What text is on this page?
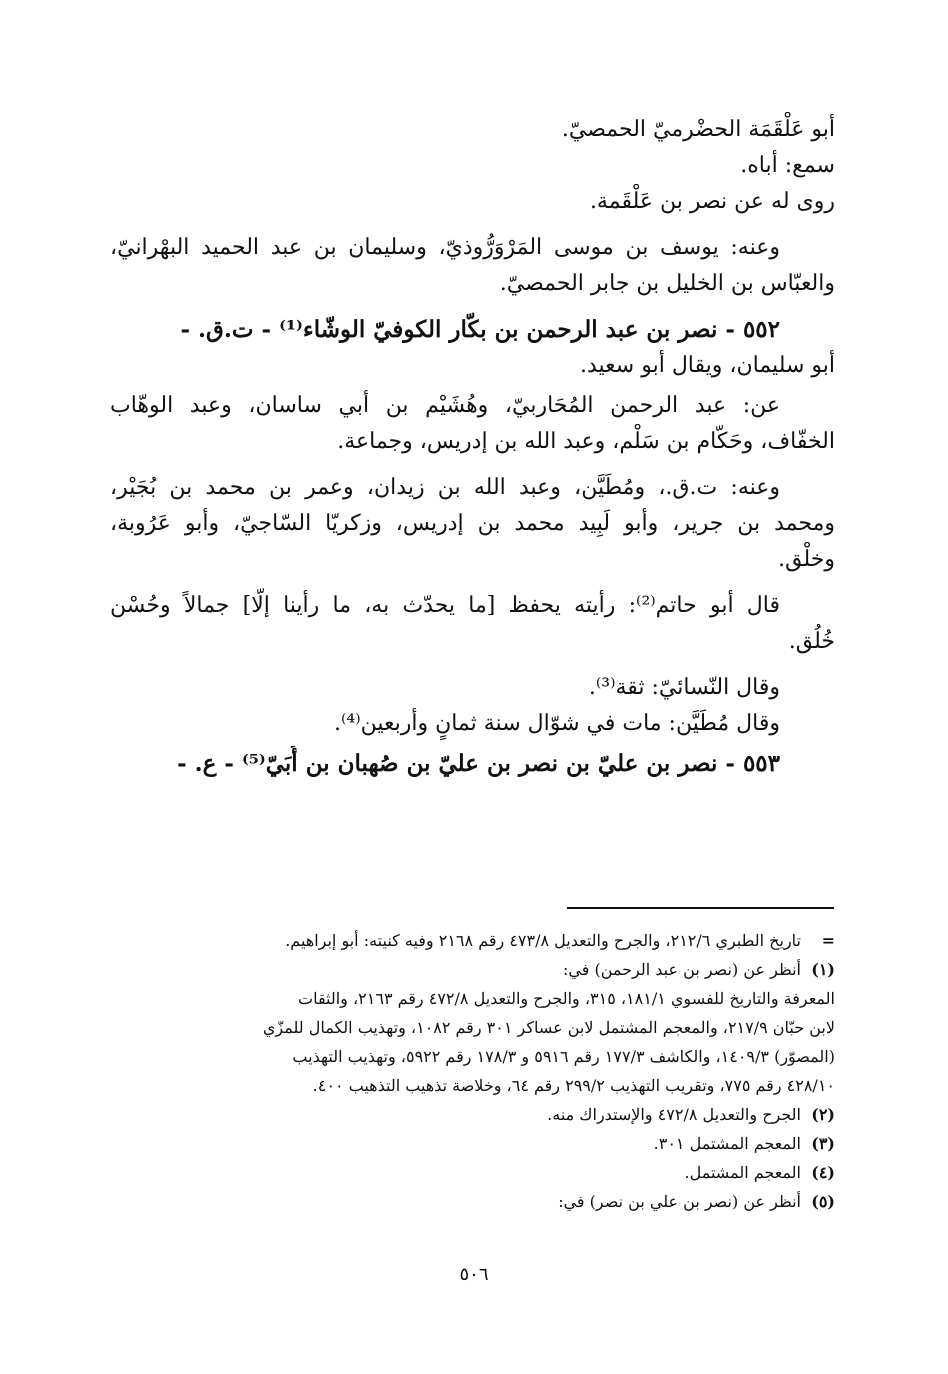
أبو عَلْقَمَة الحضْرميّ الحمصيّ.
سمع: أباه.
روى له عن نصر بن عَلْقَمة.
وعنه: يوسف بن موسى المَرْوَرُّوذيّ، وسليمان بن عبد الحميد البهْرانيّ،
والعبّاس بن الخليل بن جابر الحمصيّ.
٥٥٢ - نصر بن عبد الرحمن بن بكّار الكوفيّ الوشّاء⁽¹⁾ - ت.ق. -
أبو سليمان، ويقال أبو سعيد.
عن: عبد الرحمن المُحَاربيّ، وهُشَيْم بن أبي ساسان، وعبد الوهّاب
الخفّاف، وحَكّام بن سَلْم، وعبد الله بن إدريس، وجماعة.
وعنه: ت.ق.، ومُطَيَّن، وعبد الله بن زيدان، وعمر بن محمد بن بُجَيْر،
ومحمد بن جرير، وأبو لَبِيد محمد بن إدريس، وزكريّا السّاجيّ، وأبو عَرُوبة،
وخلْق.
قال أبو حاتم⁽²⁾: رأيته يحفظ [ما يحدّث به، ما رأينا إلّا] جمالاً وحُسْن
خُلُق.
وقال النّسائيّ: ثقة⁽³⁾.
وقال مُطَيَّن: مات في شوّال سنة ثمانٍ وأربعين⁽⁴⁾.
٥٥٣ - نصر بن عليّ بن نصر بن عليّ بن صُهبان بن أُبَيّ⁽⁵⁾ - ع. -
=تاريخ الطبري ٢١٢/٦، والجرح والتعديل ٤٧٣/٨ رقم ٢١٦٨ وفيه كنيته: أبو إبراهيم.
(١)أنظر عن (نصر بن عبد الرحمن) في:
المعرفة والتاريخ للفسوي ١٨١/١، ٣١٥، والجرح والتعديل ٤٧٢/٨ رقم ٢١٦٣، والثقات
لابن حبّان ٢١٧/٩، والمعجم المشتمل لابن عساكر ٣٠١ رقم ١٠٨٢، وتهذيب الكمال للمزّي
(المصوّر) ١٤٠٩/٣، والكاشف ١٧٧/٣ رقم ٥٩١٦ و ١٧٨/٣ رقم ٥٩٢٢، وتهذيب التهذيب
٤٢٨/١٠ رقم ٧٧٥، وتقريب التهذيب ٢٩٩/٢ رقم ٦٤، وخلاصة تذهيب التذهيب ٤٠٠.
(٢)الجرح والتعديل ٤٧٢/٨ والإستدراك منه.
(٣)المعجم المشتمل ٣٠١.
(٤)المعجم المشتمل.
(٥)أنظر عن (نصر بن علي بن نصر) في:
٥٠٦
